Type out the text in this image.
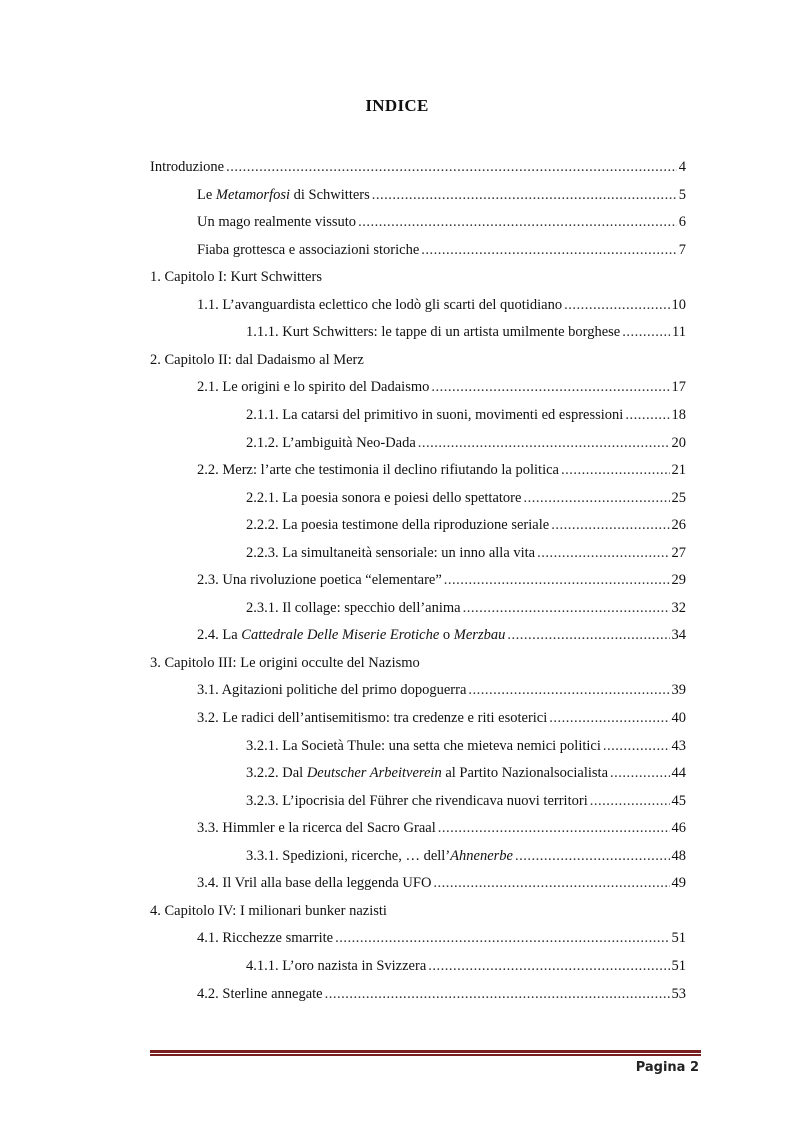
INDICE
Introduzione .....	4
Le Metamorfosi di Schwitters .....	5
Un mago realmente vissuto .....	6
Fiaba grottesca e associazioni storiche .....	7
1. Capitolo I: Kurt Schwitters
1.1. L’avanguardista eclettico che lodò gli scarti del quotidiano .....	10
1.1.1. Kurt Schwitters: le tappe di un artista umilmente borghese .....	11
2. Capitolo II: dal Dadaismo al Merz
2.1. Le origini e lo spirito del Dadaismo .....	17
2.1.1. La catarsi del primitivo in suoni, movimenti ed espressioni .....	18
2.1.2. L’ambiguità Neo-Dada .....	20
2.2. Merz: l’arte che testimonia il declino rifiutando la politica .....	21
2.2.1. La poesia sonora e poiesi dello spettatore .....	25
2.2.2. La poesia testimone della riproduzione seriale .....	26
2.2.3. La simultaneità sensoriale: un inno alla vita .....	27
2.3. Una rivoluzione poetica “elementare” .....	29
2.3.1. Il collage: specchio dell’anima .....	32
2.4. La Cattedrale Delle Miserie Erotiche o Merzbau .....	34
3. Capitolo III: Le origini occulte del Nazismo
3.1. Agitazioni politiche del primo dopoguerra .....	39
3.2. Le radici dell’antisemitismo: tra credenze e riti esoterici .....	40
3.2.1. La Società Thule: una setta che mieteva nemici politici .....	43
3.2.2. Dal Deutscher Arbeitverein al Partito Nazionalsocialista .....	44
3.2.3. L’ipocrisia del Führer che rivendicava nuovi territori .....	45
3.3. Himmler e la ricerca del Sacro Graal .....	46
3.3.1. Spedizioni, ricerche, … dell’Ahnenerbe .....	48
3.4. Il Vril alla base della leggenda UFO .....	49
4. Capitolo IV: I milionari bunker nazisti
4.1. Ricchezze smarrite .....	51
4.1.1. L’oro nazista in Svizzera .....	51
4.2. Sterline annegate .....	53
Pagina 2
